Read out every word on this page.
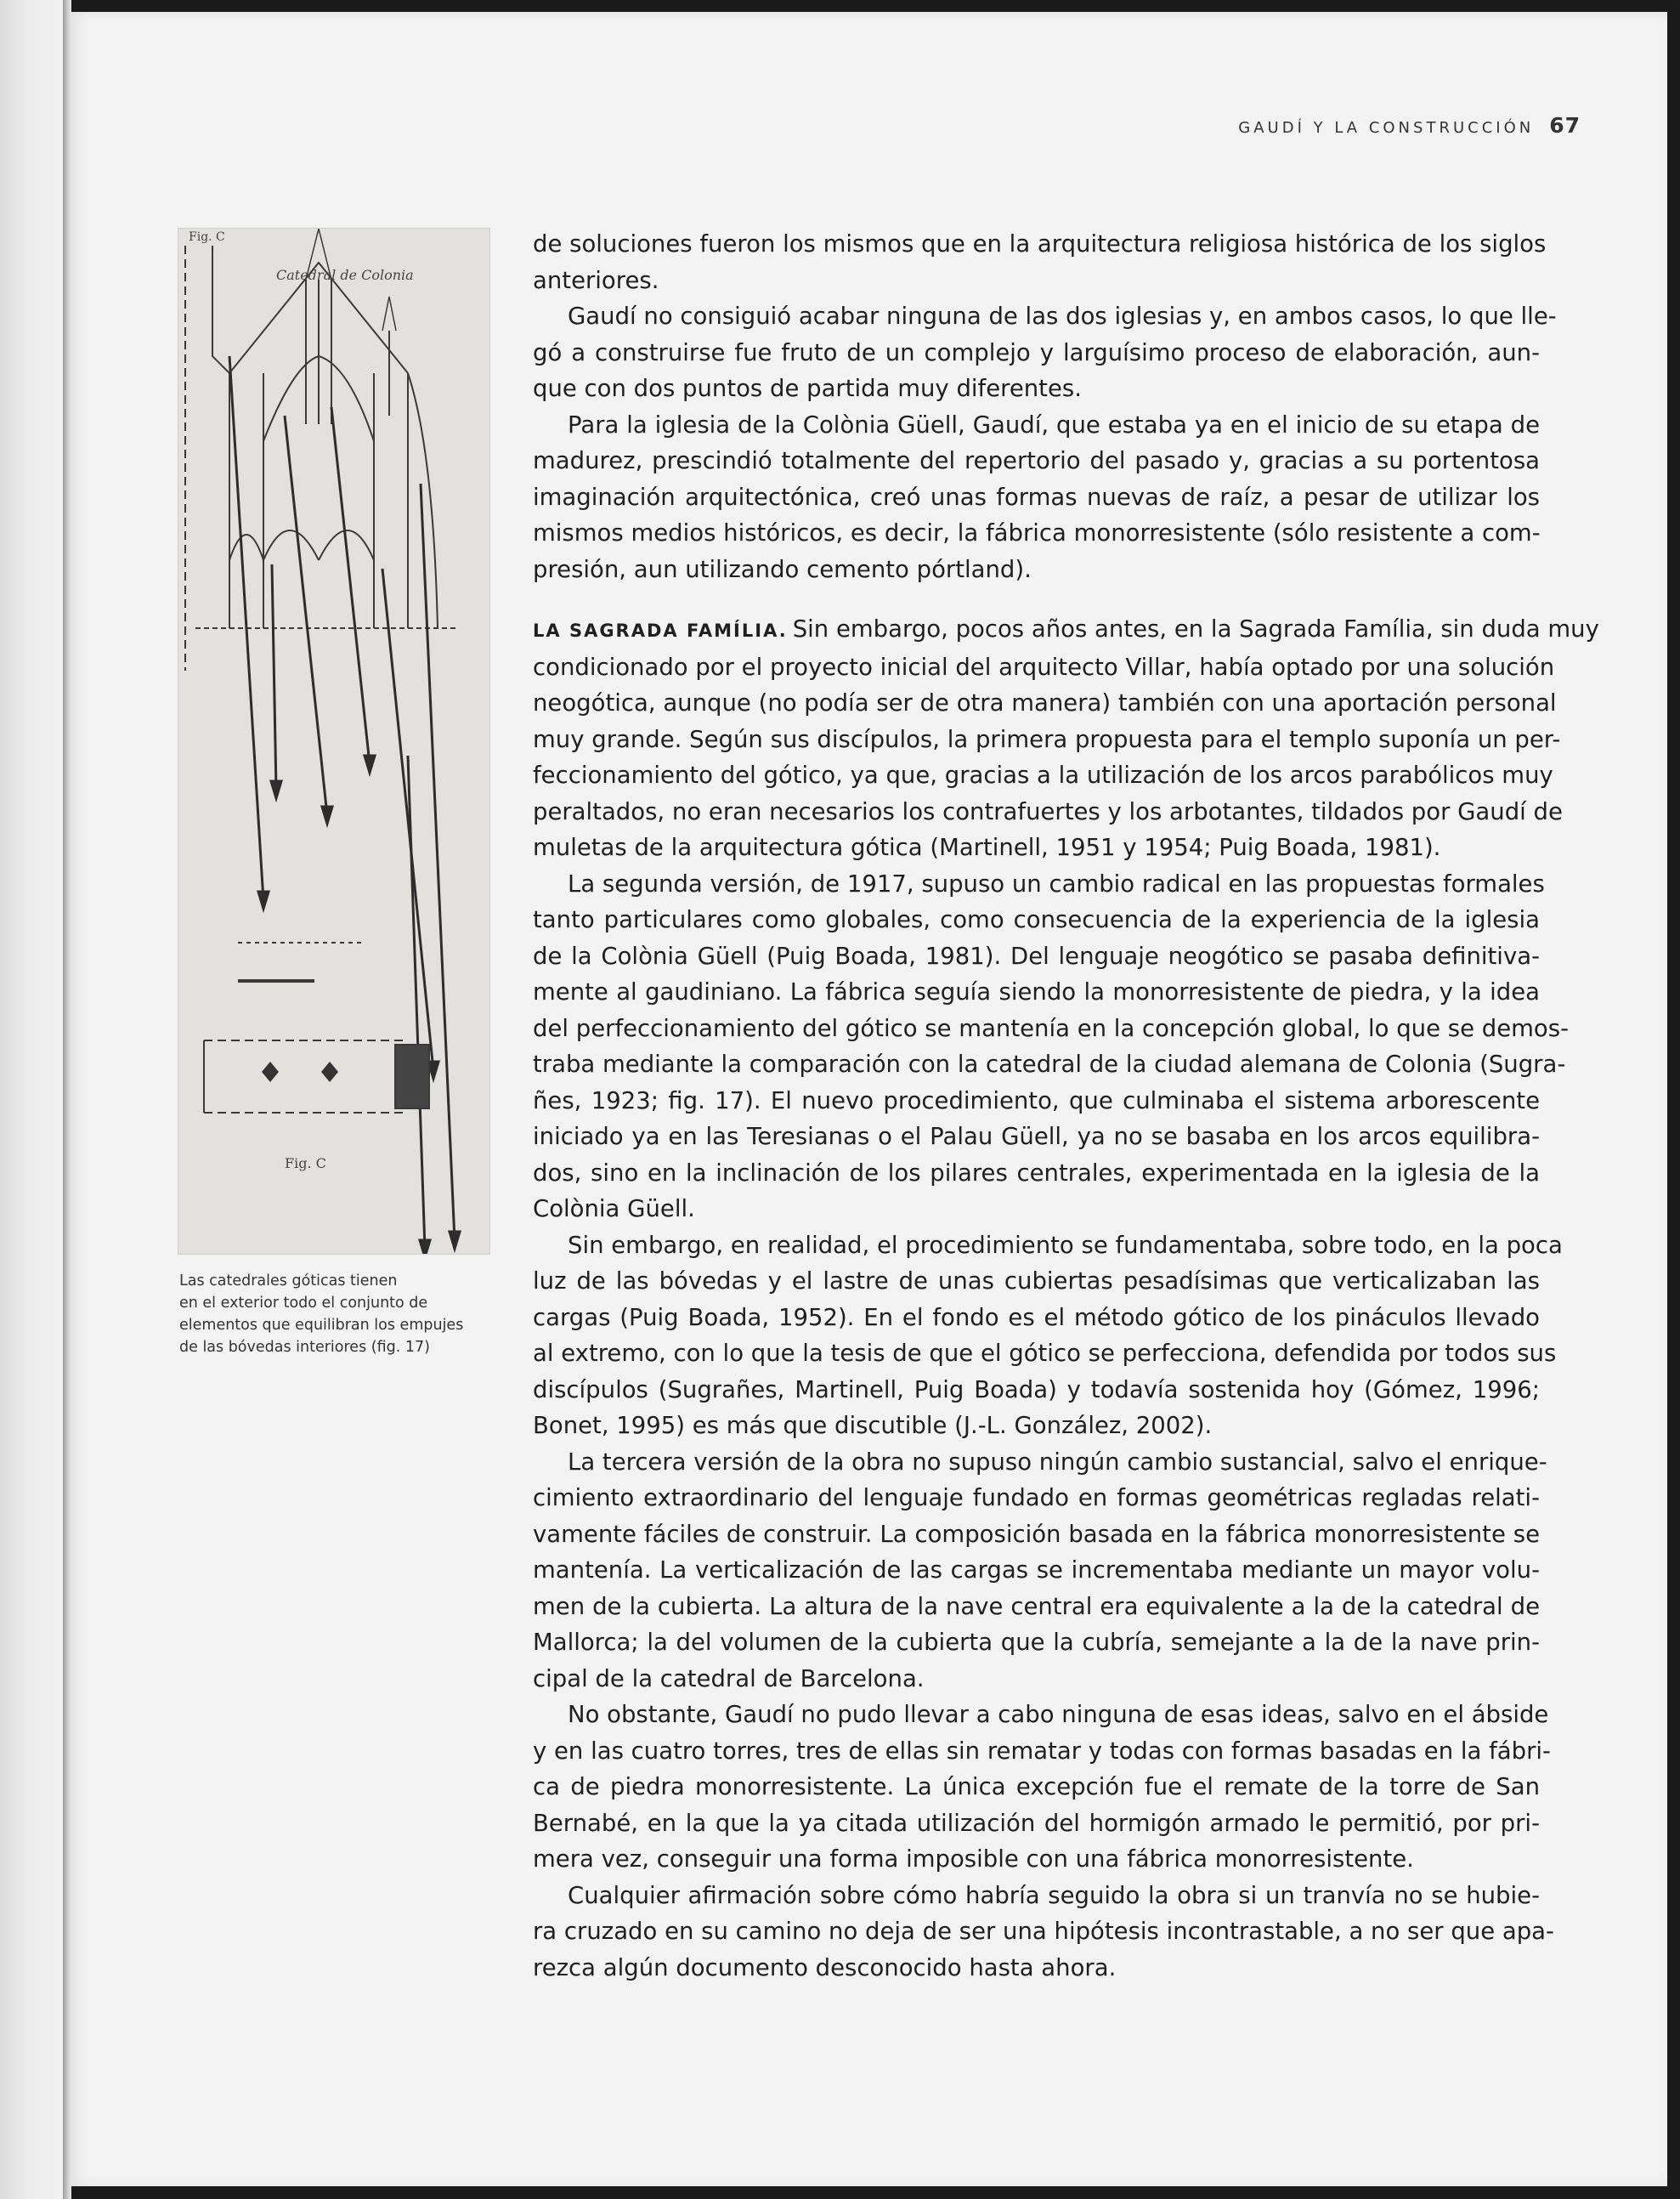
GAUDÍ Y LA CONSTRUCCIÓN 67
Fig. C
Catedral de Colonia
Fig. C
Las catedrales góticas tienen
en el exterior todo el conjunto de
elementos que equilibran los empujes
de las bóvedas interiores (fig. 17)
de soluciones fueron los mismos que en la arquitectura religiosa histórica de los siglos
anteriores.
Gaudí no consiguió acabar ninguna de las dos iglesias y, en ambos casos, lo que lle-
gó a construirse fue fruto de un complejo y larguísimo proceso de elaboración, aun-
que con dos puntos de partida muy diferentes.
Para la iglesia de la Colònia Güell, Gaudí, que estaba ya en el inicio de su etapa de
madurez, prescindió totalmente del repertorio del pasado y, gracias a su portentosa
imaginación arquitectónica, creó unas formas nuevas de raíz, a pesar de utilizar los
mismos medios históricos, es decir, la fábrica monorresistente (sólo resistente a com-
presión, aun utilizando cemento pórtland).
LA SAGRADA FAMÍLIA. Sin embargo, pocos años antes, en la Sagrada Família, sin duda muy
condicionado por el proyecto inicial del arquitecto Villar, había optado por una solución
neogótica, aunque (no podía ser de otra manera) también con una aportación personal
muy grande. Según sus discípulos, la primera propuesta para el templo suponía un per-
feccionamiento del gótico, ya que, gracias a la utilización de los arcos parabólicos muy
peraltados, no eran necesarios los contrafuertes y los arbotantes, tildados por Gaudí de
muletas de la arquitectura gótica (Martinell, 1951 y 1954; Puig Boada, 1981).
La segunda versión, de 1917, supuso un cambio radical en las propuestas formales
tanto particulares como globales, como consecuencia de la experiencia de la iglesia
de la Colònia Güell (Puig Boada, 1981). Del lenguaje neogótico se pasaba definitiva-
mente al gaudiniano. La fábrica seguía siendo la monorresistente de piedra, y la idea
del perfeccionamiento del gótico se mantenía en la concepción global, lo que se demos-
traba mediante la comparación con la catedral de la ciudad alemana de Colonia (Sugra-
ñes, 1923; fig. 17). El nuevo procedimiento, que culminaba el sistema arborescente
iniciado ya en las Teresianas o el Palau Güell, ya no se basaba en los arcos equilibra-
dos, sino en la inclinación de los pilares centrales, experimentada en la iglesia de la
Colònia Güell.
Sin embargo, en realidad, el procedimiento se fundamentaba, sobre todo, en la poca
luz de las bóvedas y el lastre de unas cubiertas pesadísimas que verticalizaban las
cargas (Puig Boada, 1952). En el fondo es el método gótico de los pináculos llevado
al extremo, con lo que la tesis de que el gótico se perfecciona, defendida por todos sus
discípulos (Sugrañes, Martinell, Puig Boada) y todavía sostenida hoy (Gómez, 1996;
Bonet, 1995) es más que discutible (J.-L. González, 2002).
La tercera versión de la obra no supuso ningún cambio sustancial, salvo el enrique-
cimiento extraordinario del lenguaje fundado en formas geométricas regladas relati-
vamente fáciles de construir. La composición basada en la fábrica monorresistente se
mantenía. La verticalización de las cargas se incrementaba mediante un mayor volu-
men de la cubierta. La altura de la nave central era equivalente a la de la catedral de
Mallorca; la del volumen de la cubierta que la cubría, semejante a la de la nave prin-
cipal de la catedral de Barcelona.
No obstante, Gaudí no pudo llevar a cabo ninguna de esas ideas, salvo en el ábside
y en las cuatro torres, tres de ellas sin rematar y todas con formas basadas en la fábri-
ca de piedra monorresistente. La única excepción fue el remate de la torre de San
Bernabé, en la que la ya citada utilización del hormigón armado le permitió, por pri-
mera vez, conseguir una forma imposible con una fábrica monorresistente.
Cualquier afirmación sobre cómo habría seguido la obra si un tranvía no se hubie-
ra cruzado en su camino no deja de ser una hipótesis incontrastable, a no ser que apa-
rezca algún documento desconocido hasta ahora.
